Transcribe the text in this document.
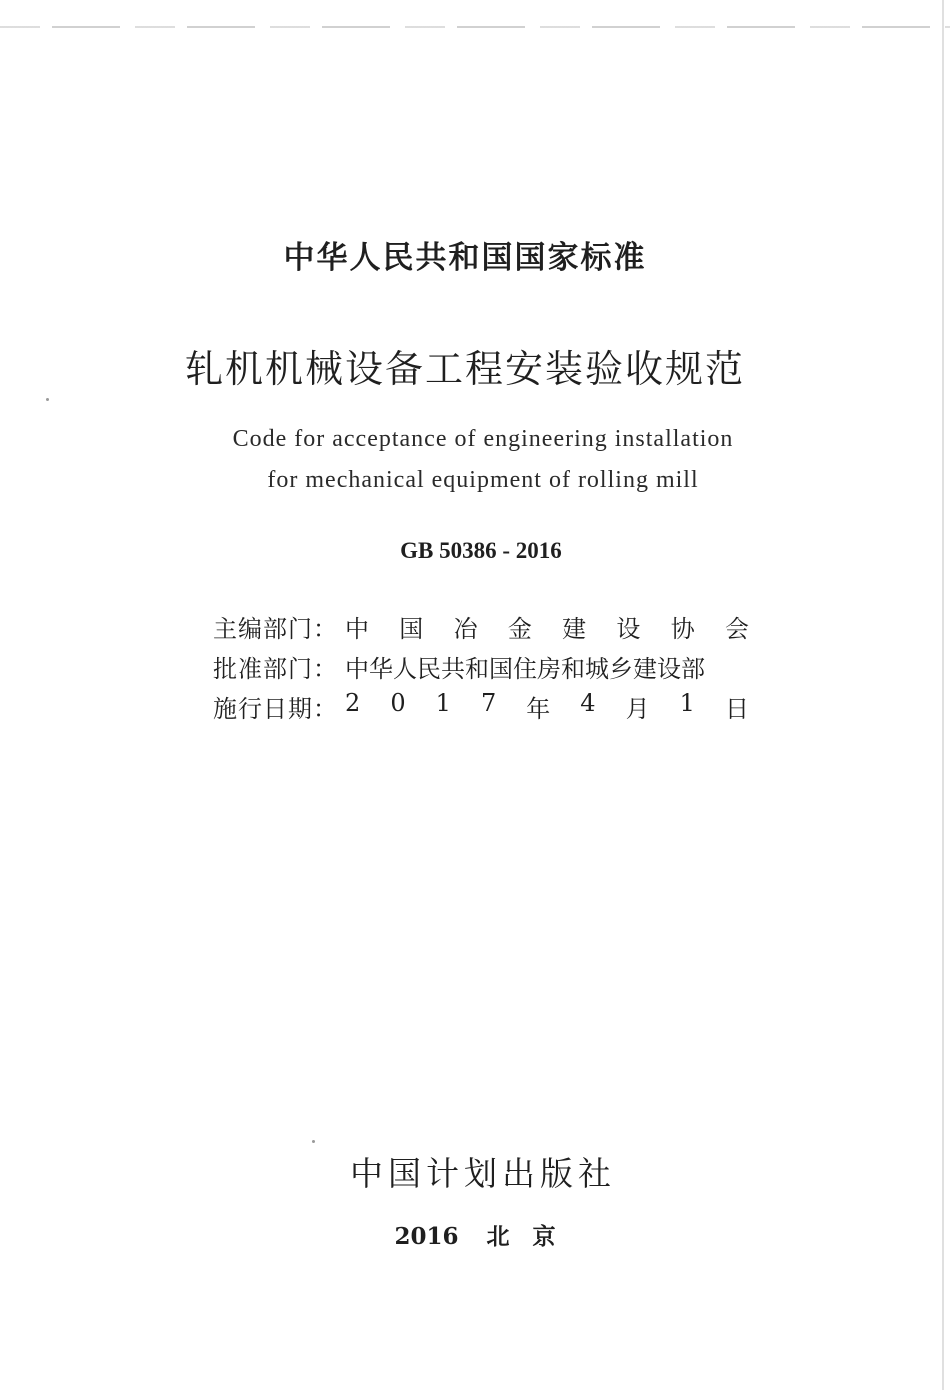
中华人民共和国国家标准
轧机机械设备工程安装验收规范
Code for acceptance of engineering installation
for mechanical equipment of rolling mill
GB 50386 - 2016
主编部门： 中 国 冶 金 建 设 协 会
批准部门： 中华人民共和国住房和城乡建设部
施行日期： 2 0 1 7 年 4 月 1 日
中国计划出版社
2016 北　京
